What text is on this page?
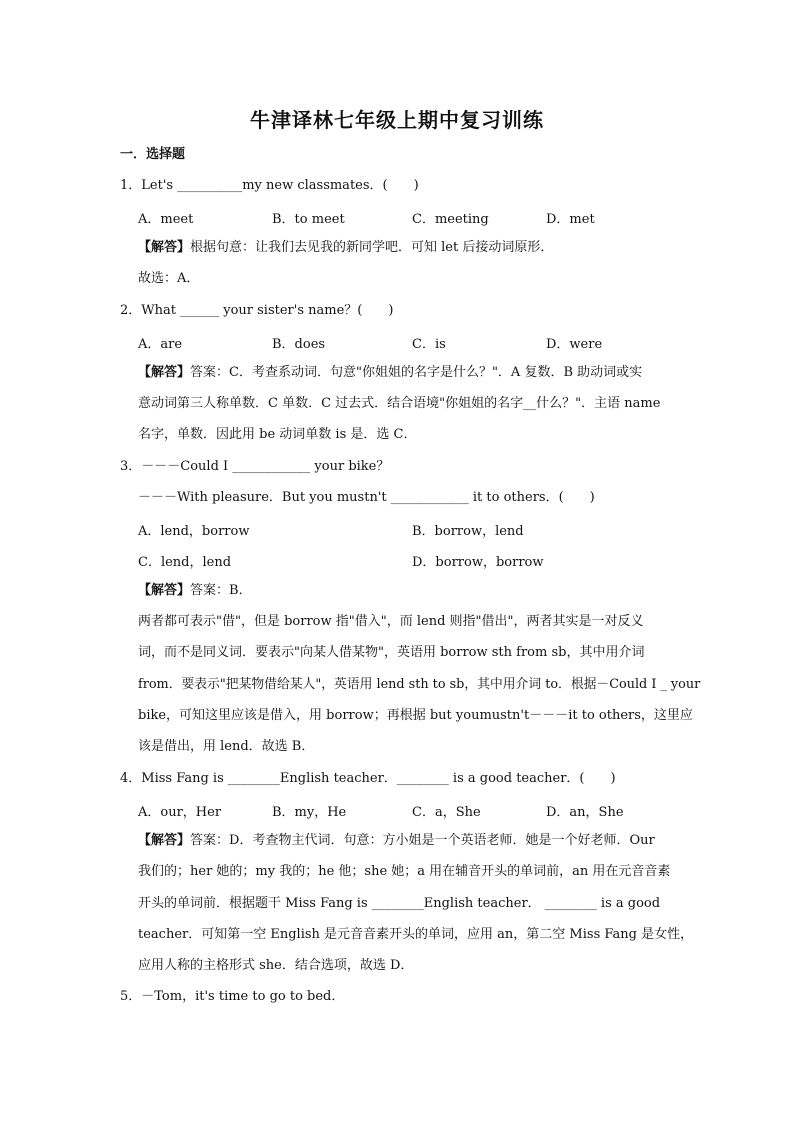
牛津译林七年级上期中复习训练
一．选择题
1．Let's __________my new classmates．(　　)
A．meet	B．to meet	C．meeting	D．met
【解答】根据句意：让我们去见我的新同学吧．可知 let 后接动词原形．
故选：A．
2．What ______ your sister's name？(　　)
A．are	B．does	C．is	D．were
【解答】答案：C．考查系动词．句意"你姐姐的名字是什么？"．A 复数．B 助动词或实
意动词第三人称单数．C 单数．C 过去式．结合语境"你姐姐的名字__什么？"．主语 name
名字，单数．因此用 be 动词单数 is 是．选 C．
3．－－－Could I ____________ your bike？
－－－With pleasure．But you mustn't ____________ it to others．(　　)
A．lend，borrow	B．borrow，lend
C．lend，lend	D．borrow，borrow
【解答】答案：B．
两者都可表示"借"，但是 borrow 指"借入"，而 lend 则指"借出"，两者其实是一对反义
词，而不是同义词．要表示"向某人借某物"，英语用 borrow sth from sb，其中用介词
from．要表示"把某物借给某人"，英语用 lend sth to sb，其中用介词 to．根据－Could I _ your
bike，可知这里应该是借入，用 borrow；再根据 but youmustn't－－－it to others，这里应
该是借出，用 lend．故选 B．
4．Miss Fang is ________English teacher．________ is a good teacher．(　　)
A．our，Her	B．my，He	C．a，She	D．an，She
【解答】答案：D．考查物主代词．句意：方小姐是一个英语老师．她是一个好老师．Our
我们的；her 她的；my 我的；he 他；she 她；a 用在辅音开头的单词前，an 用在元音音素
开头的单词前．根据题干 Miss Fang is ________English teacher． ________ is a good
teacher．可知第一空 English 是元音音素开头的单词，应用 an，第二空 Miss Fang 是女性，
应用人称的主格形式 she．结合选项，故选 D．
5．－Tom，it's time to go to bed．
